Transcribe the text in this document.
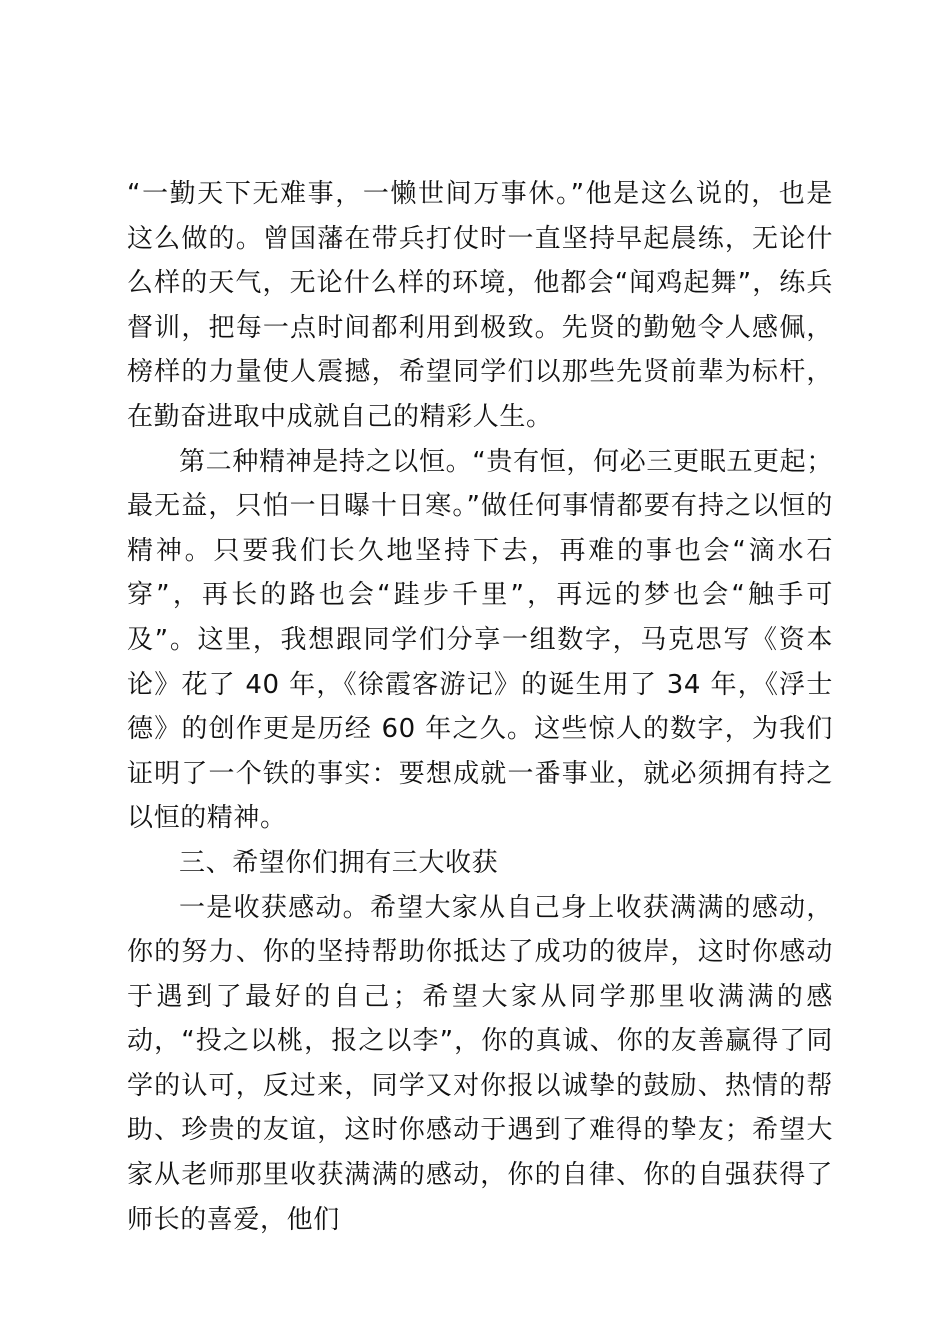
“一勤天下无难事，一懒世间万事休。”他是这么说的，也是这么做的。曾国藩在带兵打仗时一直坚持早起晨练，无论什么样的天气，无论什么样的环境，他都会“闻鸡起舞”，练兵督训，把每一点时间都利用到极致。先贤的勤勉令人感佩，榜样的力量使人震撼，希望同学们以那些先贤前辈为标杆，在勤奋进取中成就自己的精彩人生。

第二种精神是持之以恒。“贵有恒，何必三更眠五更起；最无益，只怕一日曝十日寒。”做任何事情都要有持之以恒的精神。只要我们长久地坚持下去，再难的事也会“滴水石穿”，再长的路也会“跬步千里”，再远的梦也会“触手可及”。这里，我想跟同学们分享一组数字，马克思写《资本论》花了 40 年，《徐霞客游记》的诞生用了 34 年，《浮士德》的创作更是历经 60 年之久。这些惊人的数字，为我们证明了一个铁的事实：要想成就一番事业，就必须拥有持之以恒的精神。

三、希望你们拥有三大收获

一是收获感动。希望大家从自己身上收获满满的感动，你的努力、你的坚持帮助你抵达了成功的彼岸，这时你感动于遇到了最好的自己；希望大家从同学那里收满满的感动，“投之以桃，报之以李”，你的真诚、你的友善赢得了同学的认可，反过来，同学又对你报以诚挚的鼓励、热情的帮助、珍贵的友谊，这时你感动于遇到了难得的挚友；希望大家从老师那里收获满满的感动，你的自律、你的自强获得了师长的喜爱，他们
